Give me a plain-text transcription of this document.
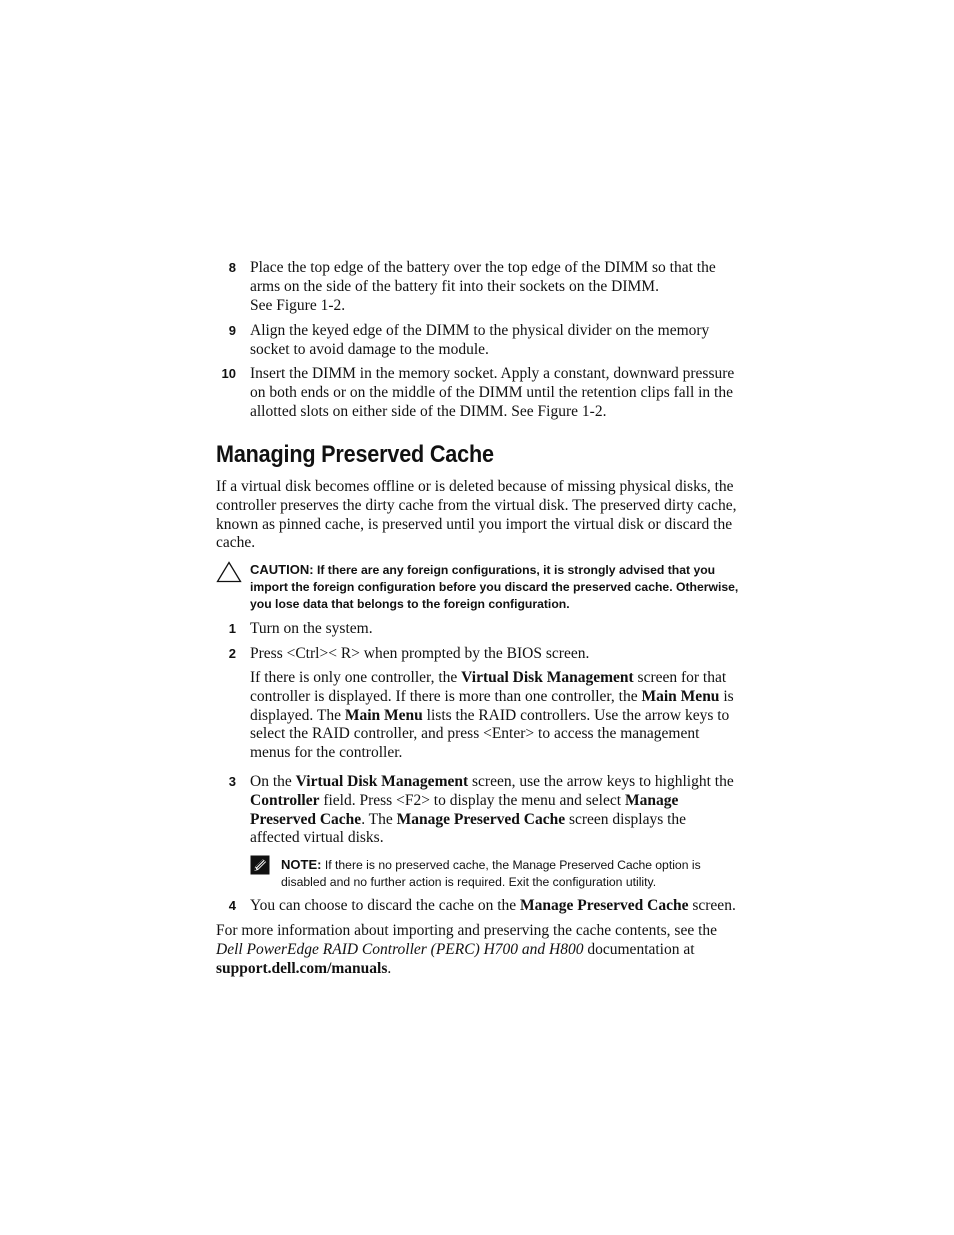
8 Place the top edge of the battery over the top edge of the DIMM so that the arms on the side of the battery fit into their sockets on the DIMM.
See Figure 1-2.
9 Align the keyed edge of the DIMM to the physical divider on the memory socket to avoid damage to the module.
10 Insert the DIMM in the memory socket. Apply a constant, downward pressure on both ends or on the middle of the DIMM until the retention clips fall in the allotted slots on either side of the DIMM. See Figure 1-2.
Managing Preserved Cache

If a virtual disk becomes offline or is deleted because of missing physical disks, the controller preserves the dirty cache from the virtual disk. The preserved dirty cache, known as pinned cache, is preserved until you import the virtual disk or discard the cache.

CAUTION: If there are any foreign configurations, it is strongly advised that you import the foreign configuration before you discard the preserved cache. Otherwise, you lose data that belongs to the foreign configuration.
1 Turn on the system.
2 Press <Ctrl>< R> when prompted by the BIOS screen.
If there is only one controller, the Virtual Disk Management screen for that controller is displayed. If there is more than one controller, the Main Menu is displayed. The Main Menu lists the RAID controllers. Use the arrow keys to select the RAID controller, and press <Enter> to access the management menus for the controller.
3 On the Virtual Disk Management screen, use the arrow keys to highlight the Controller field. Press <F2> to display the menu and select Manage Preserved Cache. The Manage Preserved Cache screen displays the affected virtual disks.
NOTE: If there is no preserved cache, the Manage Preserved Cache option is disabled and no further action is required. Exit the configuration utility.
4 You can choose to discard the cache on the Manage Preserved Cache screen.

For more information about importing and preserving the cache contents, see the Dell PowerEdge RAID Controller (PERC) H700 and H800 documentation at support.dell.com/manuals.
